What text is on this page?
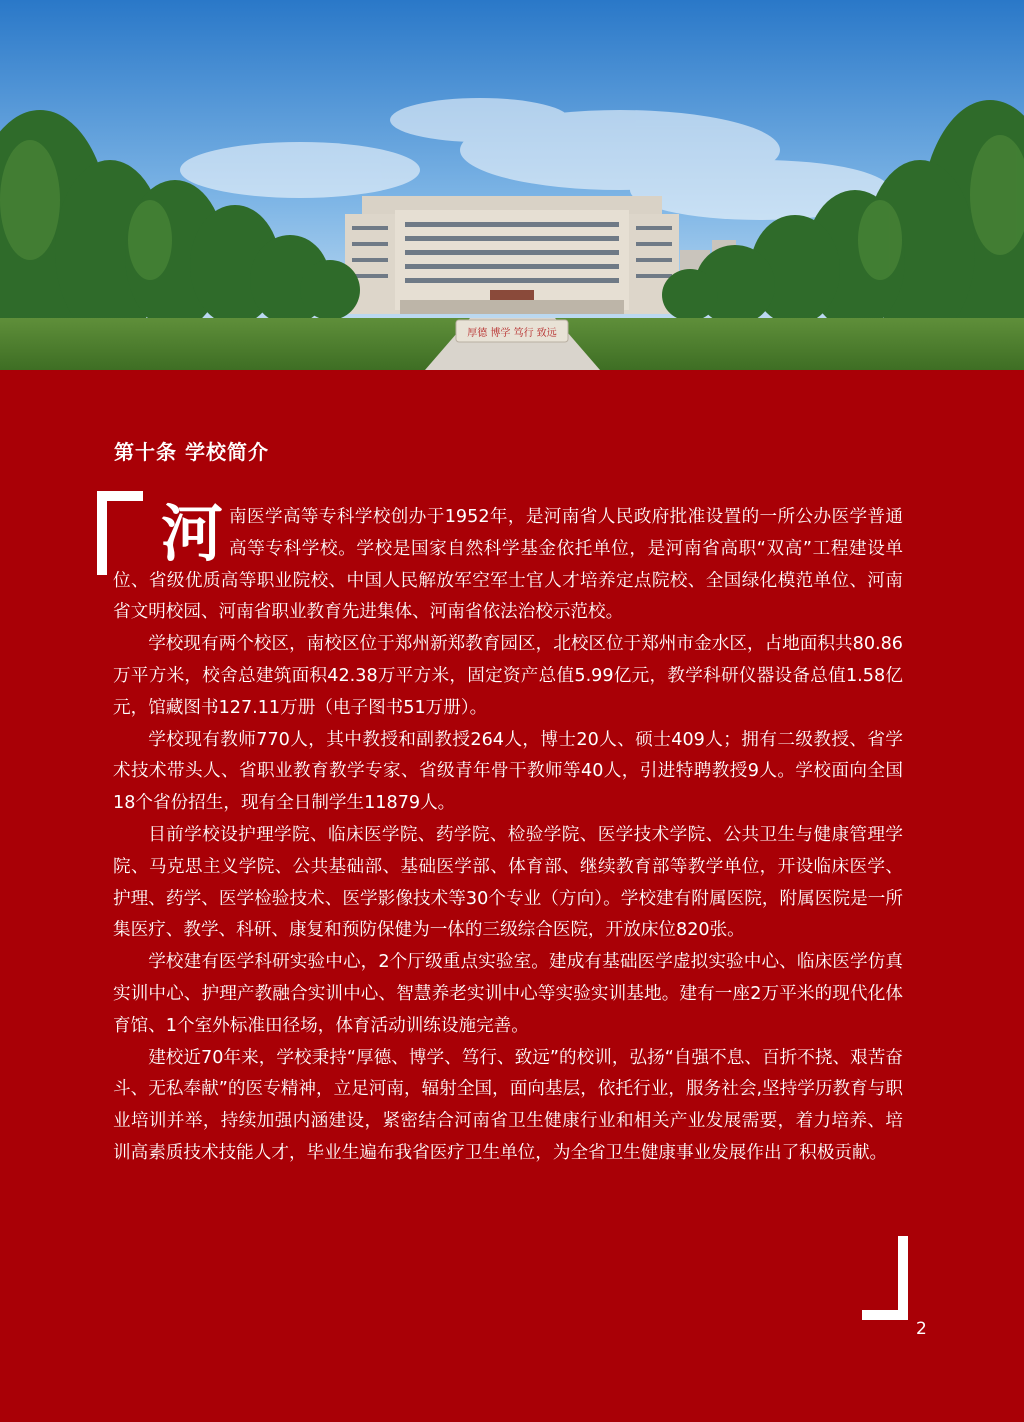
厚德 博学 笃行 致远
第十条 学校简介

河 南医学高等专科学校创办于1952年，是河南省人民政府批准设置的一所公办医学普通高等专科学校。学校是国家自然科学基金依托单位，是河南省高职“双高”工程建设单位、省级优质高等职业院校、中国人民解放军空军士官人才培养定点院校、全国绿化模范单位、河南省文明校园、河南省职业教育先进集体、河南省依法治校示范校。

学校现有两个校区，南校区位于郑州新郑教育园区，北校区位于郑州市金水区，占地面积共80.86万平方米，校舍总建筑面积42.38万平方米，固定资产总值5.99亿元，教学科研仪器设备总值1.58亿元，馆藏图书127.11万册（电子图书51万册）。

学校现有教师770人，其中教授和副教授264人，博士20人、硕士409人；拥有二级教授、省学术技术带头人、省职业教育教学专家、省级青年骨干教师等40人，引进特聘教授9人。学校面向全国18个省份招生，现有全日制学生11879人。

目前学校设护理学院、临床医学院、药学院、检验学院、医学技术学院、公共卫生与健康管理学院、马克思主义学院、公共基础部、基础医学部、体育部、继续教育部等教学单位，开设临床医学、护理、药学、医学检验技术、医学影像技术等30个专业（方向）。学校建有附属医院，附属医院是一所集医疗、教学、科研、康复和预防保健为一体的三级综合医院，开放床位820张。

学校建有医学科研实验中心，2个厅级重点实验室。建成有基础医学虚拟实验中心、临床医学仿真实训中心、护理产教融合实训中心、智慧养老实训中心等实验实训基地。建有一座2万平米的现代化体育馆、1个室外标准田径场，体育活动训练设施完善。

建校近70年来，学校秉持“厚德、博学、笃行、致远”的校训，弘扬“自强不息、百折不挠、艰苦奋斗、无私奉献”的医专精神，立足河南，辐射全国，面向基层，依托行业，服务社会,坚持学历教育与职业培训并举，持续加强内涵建设，紧密结合河南省卫生健康行业和相关产业发展需要，着力培养、培训高素质技术技能人才，毕业生遍布我省医疗卫生单位，为全省卫生健康事业发展作出了积极贡献。

2
